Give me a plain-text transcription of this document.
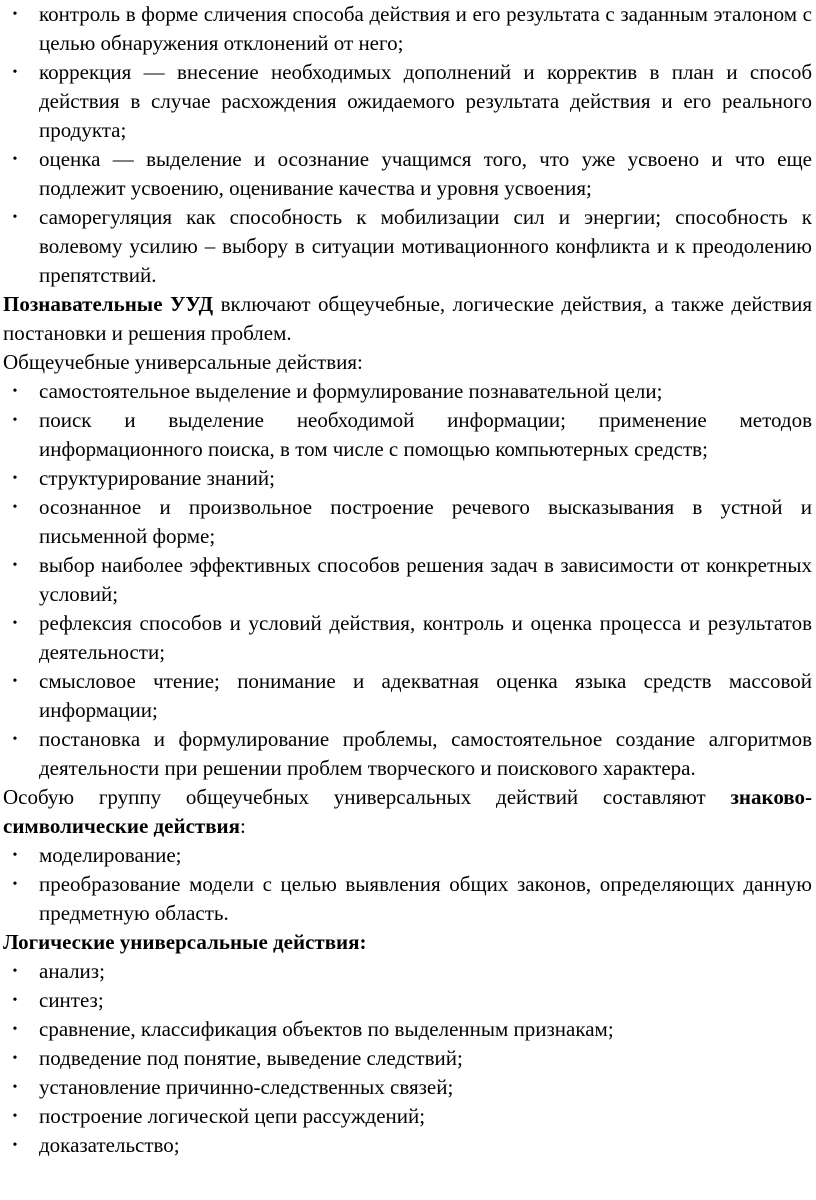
•	контроль в форме сличения способа действия и его результата с заданным эталоном с целью обнаружения отклонений от него;
•	коррекция — внесение необходимых дополнений и корректив в план и способ действия в случае расхождения ожидаемого результата действия и его реального продукта;
•	оценка — выделение и осознание учащимся того, что уже усвоено и что еще подлежит усвоению, оценивание качества и уровня усвоения;
•	саморегуляция как способность к мобилизации сил и энергии; способность к волевому усилию – выбору в ситуации мотивационного конфликта и к преодолению препятствий.

Познавательные УУД включают общеучебные, логические действия, а также действия постановки и решения проблем.

Общеучебные универсальные действия:

•	самостоятельное выделение и формулирование познавательной цели;
•	поиск и выделение необходимой информации; применение методов информационного поиска, в том числе с помощью компьютерных средств;
•	структурирование знаний;
•	осознанное и произвольное построение речевого высказывания в устной и письменной форме;
•	выбор наиболее эффективных способов решения задач в зависимости от конкретных условий;
•	рефлексия способов и условий действия, контроль и оценка процесса и результатов деятельности;
•	смысловое чтение; понимание и адекватная оценка языка средств массовой информации;
•	постановка и формулирование проблемы, самостоятельное создание алгоритмов деятельности при решении проблем творческого и поискового характера.

Особую группу общеучебных универсальных действий составляют знаково-символические действия:

•	моделирование;
•	преобразование модели с целью выявления общих законов, определяющих данную предметную область.

Логические универсальные действия:

•	анализ;
•	синтез;
•	сравнение, классификация объектов по выделенным признакам;
•	подведение под понятие, выведение следствий;
•	установление причинно-следственных связей;
•	построение логической цепи рассуждений;
•	доказательство;
